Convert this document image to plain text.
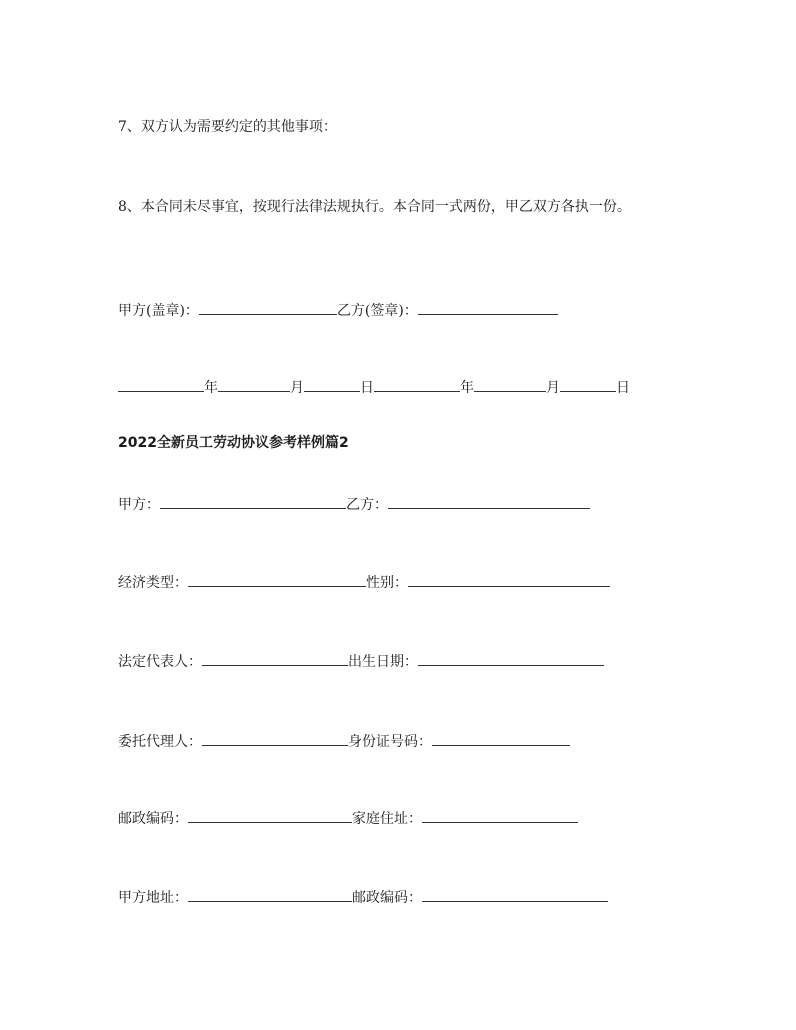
7、双方认为需要约定的其他事项：
8、本合同未尽事宜，按现行法律法规执行。本合同一式两份，甲乙双方各执一份。
甲方(盖章)：	乙方(签章)：
年	月	日	年	月	日
2022全新员工劳动协议参考样例篇2
甲方：	乙方：
经济类型：	性别：
法定代表人：	出生日期：
委托代理人：	身份证号码：
邮政编码：	家庭住址：
甲方地址：	邮政编码：
